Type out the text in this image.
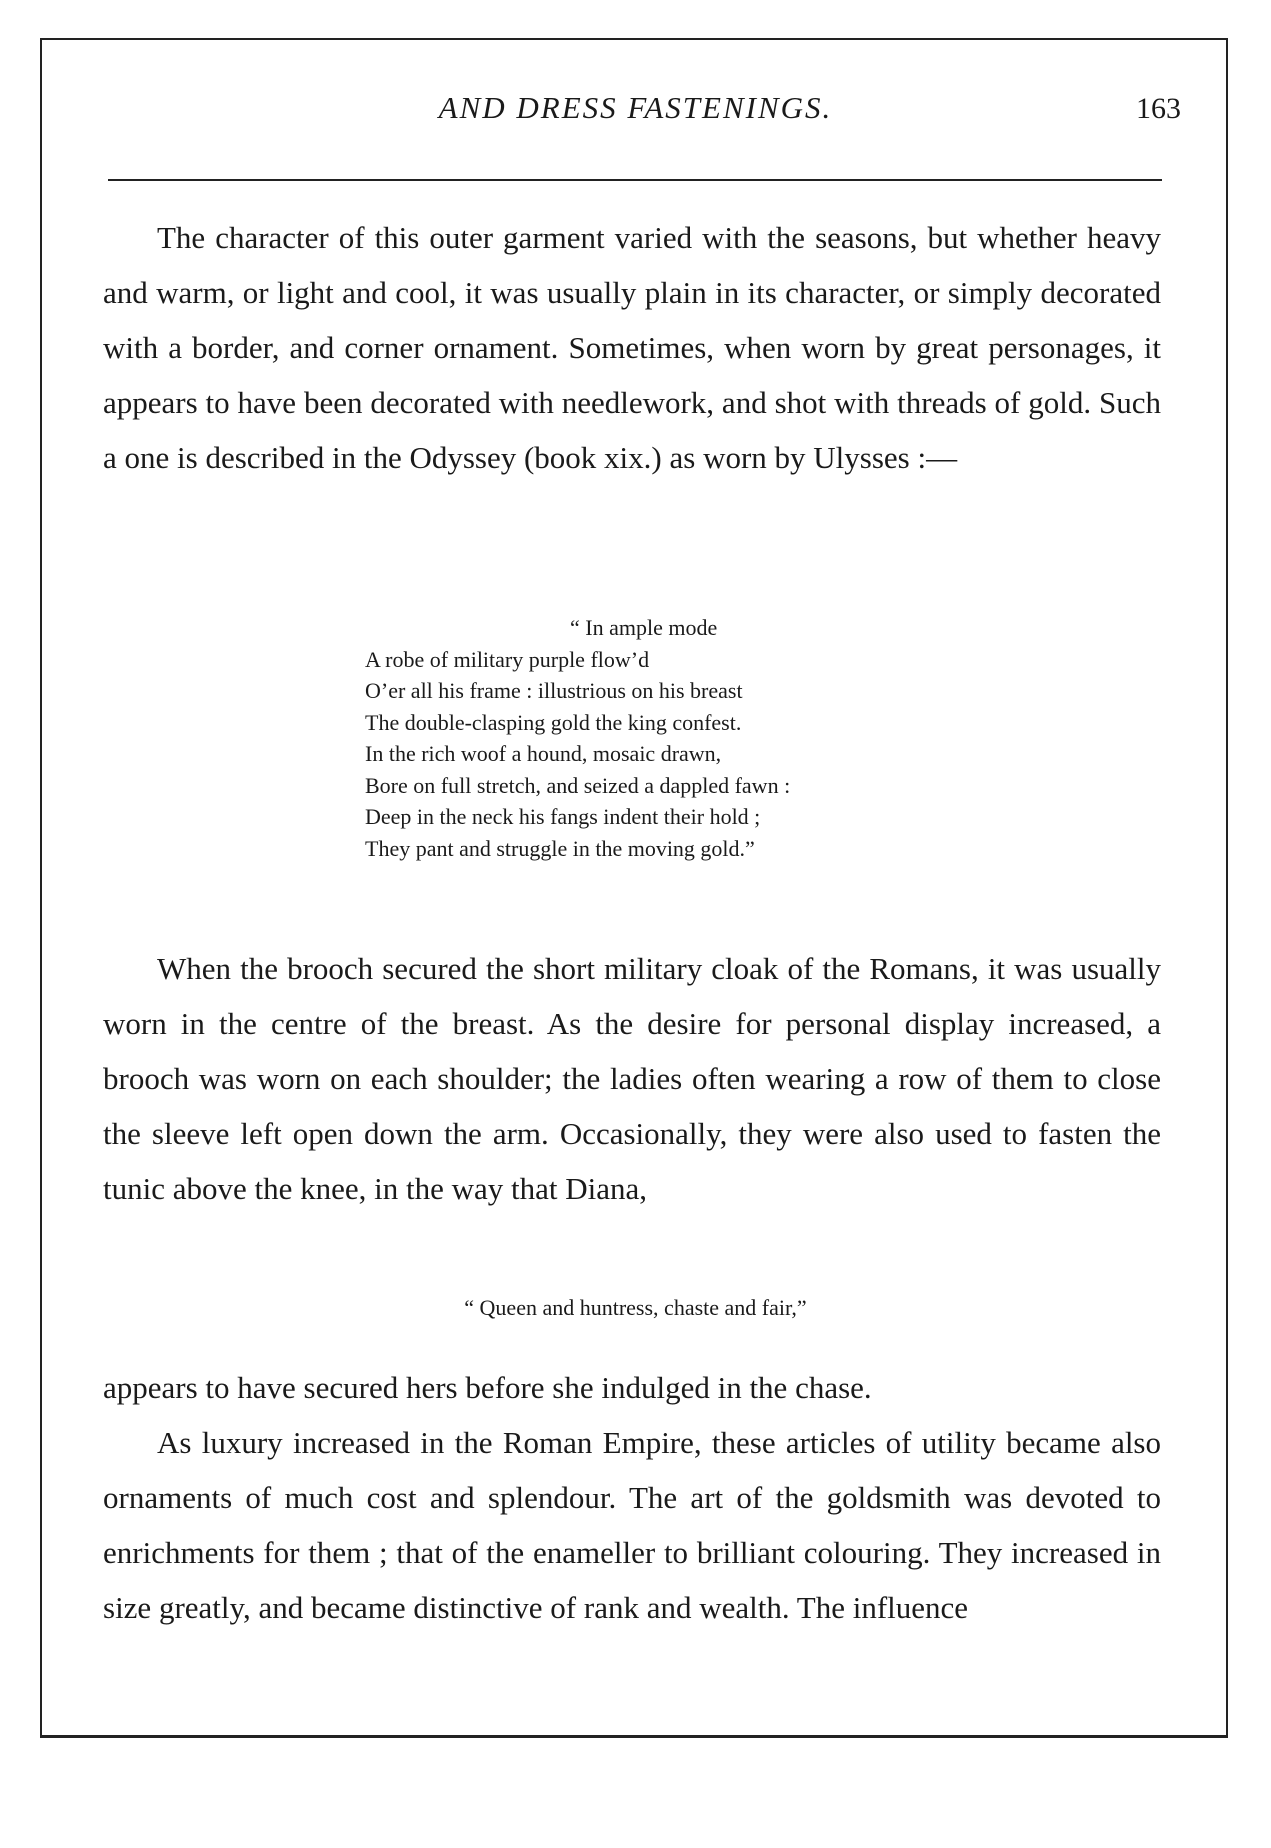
AND DRESS FASTENINGS.	163

The character of this outer garment varied with the seasons, but whether heavy and warm, or light and cool, it was usually plain in its character, or simply decorated with a border, and corner ornament. Sometimes, when worn by great personages, it appears to have been decorated with needlework, and shot with threads of gold. Such a one is described in the Odyssey (book xix.) as worn by Ulysses :—

“ In ample mode
A robe of military purple flow’d
O’er all his frame : illustrious on his breast
The double-clasping gold the king confest.
In the rich woof a hound, mosaic drawn,
Bore on full stretch, and seized a dappled fawn :
Deep in the neck his fangs indent their hold ;
They pant and struggle in the moving gold.”

When the brooch secured the short military cloak of the Romans, it was usually worn in the centre of the breast. As the desire for personal display increased, a brooch was worn on each shoulder; the ladies often wearing a row of them to close the sleeve left open down the arm. Occasionally, they were also used to fasten the tunic above the knee, in the way that Diana,

“ Queen and huntress, chaste and fair,”

appears to have secured hers before she indulged in the chase.

As luxury increased in the Roman Empire, these articles of utility became also ornaments of much cost and splendour. The art of the goldsmith was devoted to enrichments for them ; that of the enameller to brilliant colouring. They increased in size greatly, and became distinctive of rank and wealth. The influence
